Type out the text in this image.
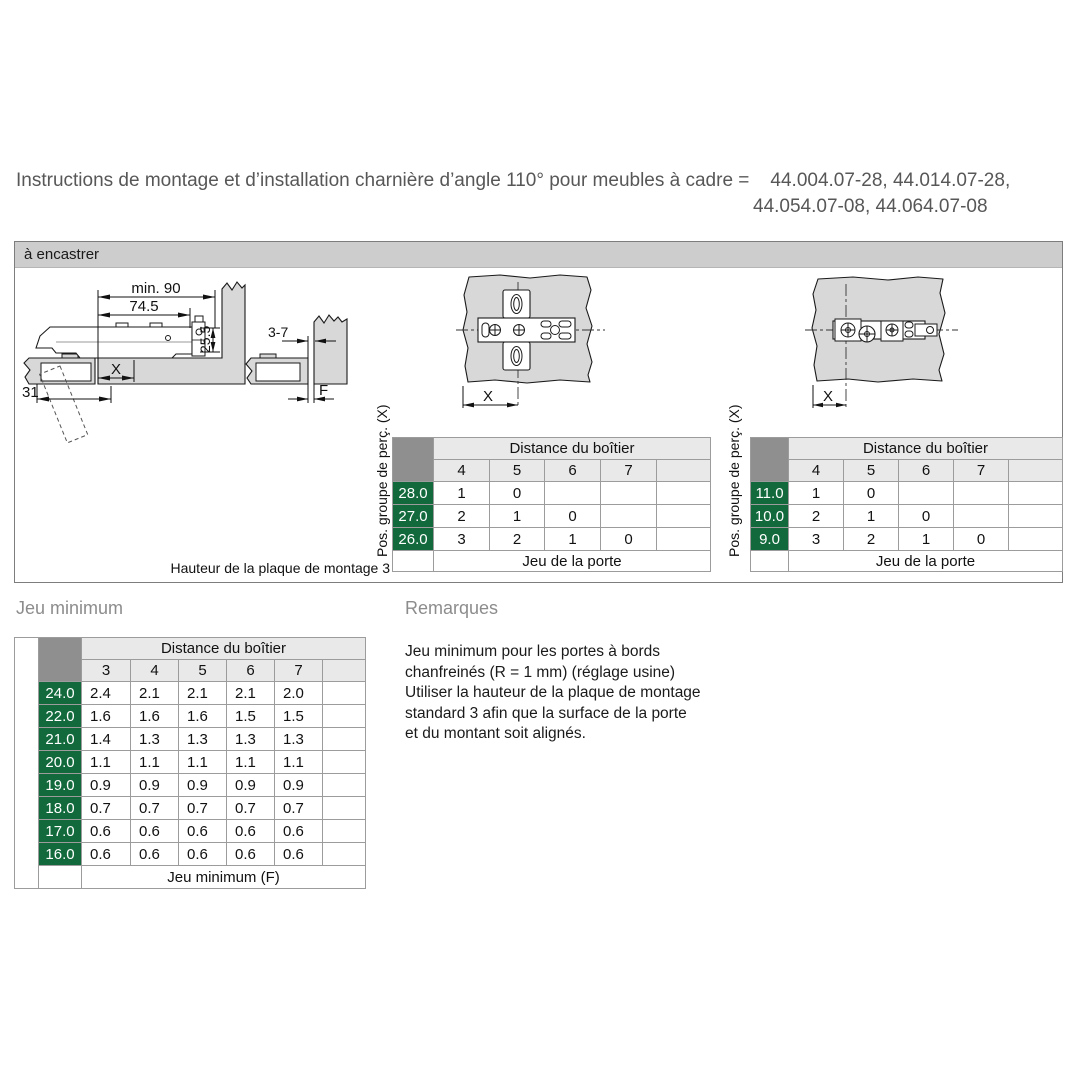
Instructions de montage et d’installation charnière d’angle 110° pour meubles à cadre = 44.004.07-28, 44.014.07-28,
44.054.07-08, 44.064.07-08
à encastrer
min. 90
74.5
25.5
X
31
3-7
F	X	X
Pos. groupe de perç. (X)	Pos. groupe de perç. (X)
Hauteur de la plaque de montage 3
	Distance du boîtier				
	4	5	6	7	
28.0	1	0			
27.0	2	1	0		
26.0	3	2	1	0	
	Jeu de la porte				
	Distance du boîtier				
	4	5	6	7	
11.0	1	0			
10.0	2	1	0		
9.0	3	2	1	0	
	Jeu de la porte				
Jeu minimum	Remarques
Jeu minimum pour les portes à bords
chanfreinés (R = 1 mm) (réglage usine)
Utiliser la hauteur de la plaque de montage
standard 3 afin que la surface de la porte
et du montant soit alignés.
		Distance du boîtier					
		3	4	5	6	7	
	24.0	2.4	2.1	2.1	2.1	2.0	
	22.0	1.6	1.6	1.6	1.5	1.5	
	21.0	1.4	1.3	1.3	1.3	1.3	
	20.0	1.1	1.1	1.1	1.1	1.1	
	19.0	0.9	0.9	0.9	0.9	0.9	
	18.0	0.7	0.7	0.7	0.7	0.7	
	17.0	0.6	0.6	0.6	0.6	0.6	
	16.0	0.6	0.6	0.6	0.6	0.6	
		Jeu minimum (F)					
